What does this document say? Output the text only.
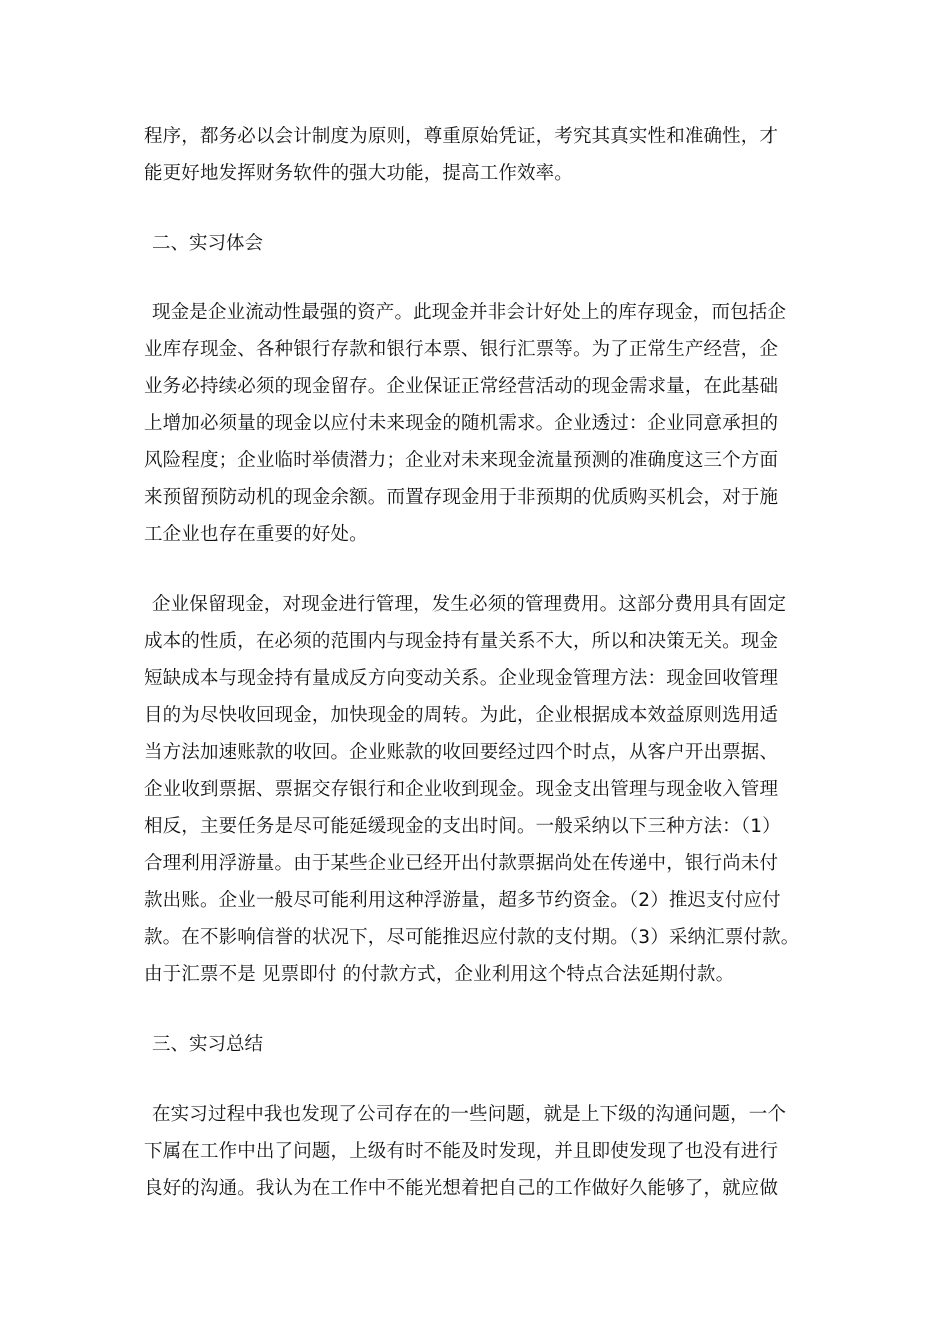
程序，都务必以会计制度为原则，尊重原始凭证，考究其真实性和准确性，才
能更好地发挥财务软件的强大功能，提高工作效率。
二、实习体会
现金是企业流动性最强的资产。此现金并非会计好处上的库存现金，而包括企
业库存现金、各种银行存款和银行本票、银行汇票等。为了正常生产经营，企
业务必持续必须的现金留存。企业保证正常经营活动的现金需求量，在此基础
上增加必须量的现金以应付未来现金的随机需求。企业透过：企业同意承担的
风险程度；企业临时举债潜力；企业对未来现金流量预测的准确度这三个方面
来预留预防动机的现金余额。而置存现金用于非预期的优质购买机会，对于施
工企业也存在重要的好处。
企业保留现金，对现金进行管理，发生必须的管理费用。这部分费用具有固定
成本的性质，在必须的范围内与现金持有量关系不大，所以和决策无关。现金
短缺成本与现金持有量成反方向变动关系。企业现金管理方法：现金回收管理
目的为尽快收回现金，加快现金的周转。为此，企业根据成本效益原则选用适
当方法加速账款的收回。企业账款的收回要经过四个时点，从客户开出票据、
企业收到票据、票据交存银行和企业收到现金。现金支出管理与现金收入管理
相反，主要任务是尽可能延缓现金的支出时间。一般采纳以下三种方法：（1）
合理利用浮游量。由于某些企业已经开出付款票据尚处在传递中，银行尚未付
款出账。企业一般尽可能利用这种浮游量，超多节约资金。（2）推迟支付应付
款。在不影响信誉的状况下，尽可能推迟应付款的支付期。（3）采纳汇票付款。
由于汇票不是 见票即付 的付款方式，企业利用这个特点合法延期付款。
三、实习总结
在实习过程中我也发现了公司存在的一些问题，就是上下级的沟通问题，一个
下属在工作中出了问题，上级有时不能及时发现，并且即使发现了也没有进行
良好的沟通。我认为在工作中不能光想着把自己的工作做好久能够了，就应做
